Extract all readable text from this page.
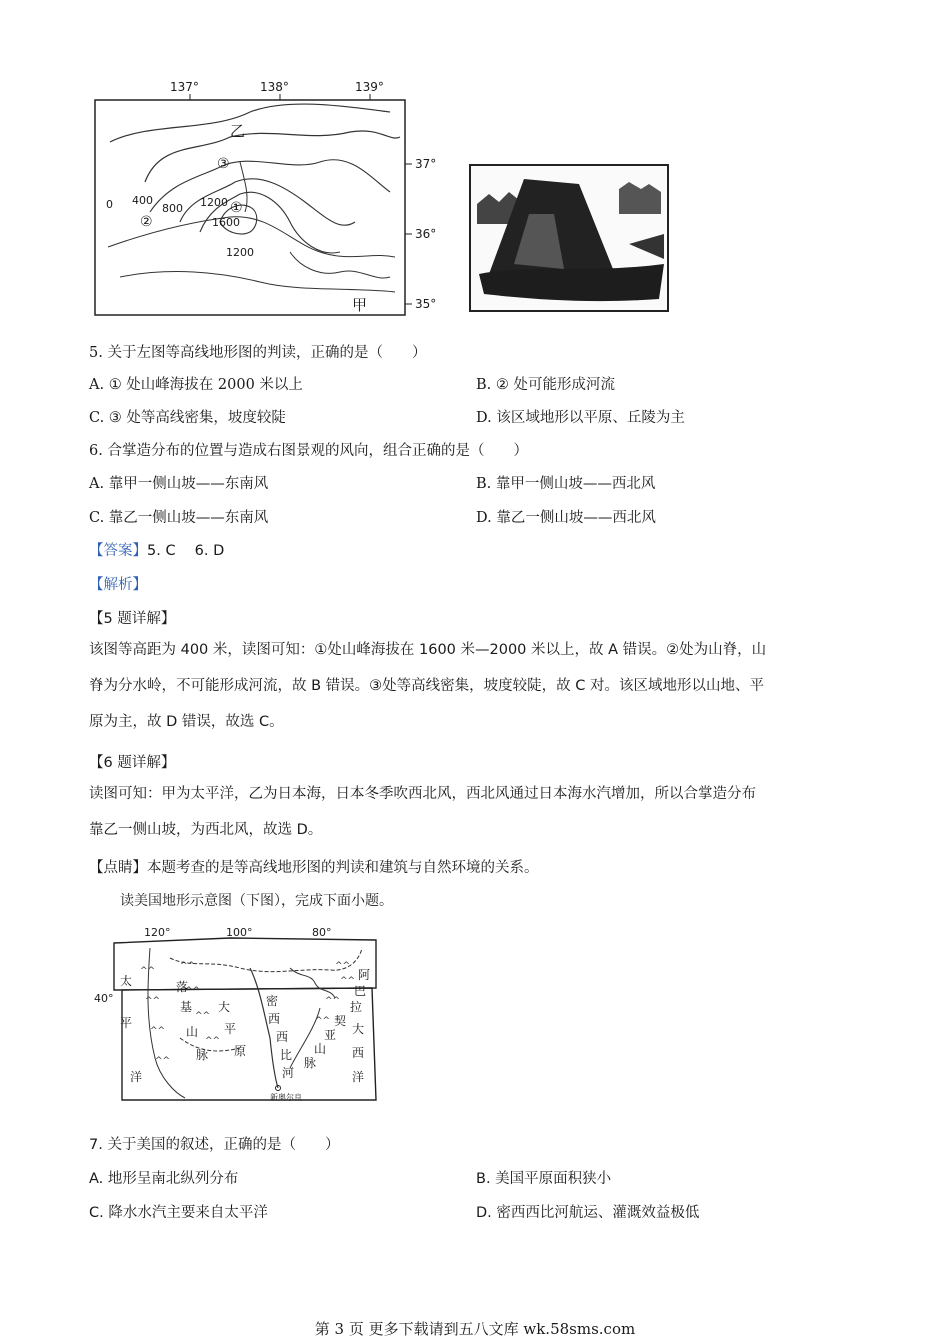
137°	138°	139°
37°
36°
35°
乙
甲
0 400
800 1200
1600
1200
①
②
③
5. 关于左图等高线地形图的判读，正确的是（　　）
A. ① 处山峰海拔在 2000 米以上	B. ② 处可能形成河流
C. ③ 处等高线密集，坡度较陡	D. 该区域地形以平原、丘陵为主
6. 合掌造分布的位置与造成右图景观的风向，组合正确的是（　　）
A. 靠甲一侧山坡——东南风	B. 靠甲一侧山坡——西北风
C. 靠乙一侧山坡——东南风	D. 靠乙一侧山坡——西北风
【答案】5. C　 6. D
【解析】
【5 题详解】
该图等高距为 400 米，读图可知：①处山峰海拔在 1600 米—2000 米以上，故 A 错误。②处为山脊，山
脊为分水岭，不可能形成河流，故 B 错误。③处等高线密集，坡度较陡，故 C 对。该区域地形以山地、平
原为主，故 D 错误，故选 C。
【6 题详解】
读图可知：甲为太平洋，乙为日本海，日本冬季吹西北风，西北风通过日本海水汽增加，所以合掌造分布
靠乙一侧山坡，为西北风，故选 D。
【点睛】本题考查的是等高线地形图的判读和建筑与自然环境的关系。
读美国地形示意图（下图），完成下面小题。
^^
^^
^^
^^
^^
^^
^^
^^
^^
^^
^^
^^
120°	100°	80°
40°
太
平
洋
落
基
山
脉
大
平
原
密
西
西
比
河
阿
巴
拉
契
亚
山
脉
大
西
洋
新奥尔良
7. 关于美国的叙述，正确的是（　　）
A. 地形呈南北纵列分布	B. 美国平原面积狭小
C. 降水水汽主要来自太平洋	D. 密西西比河航运、灌溉效益极低
第 3 页 更多下载请到五八文库 wk.58sms.com
